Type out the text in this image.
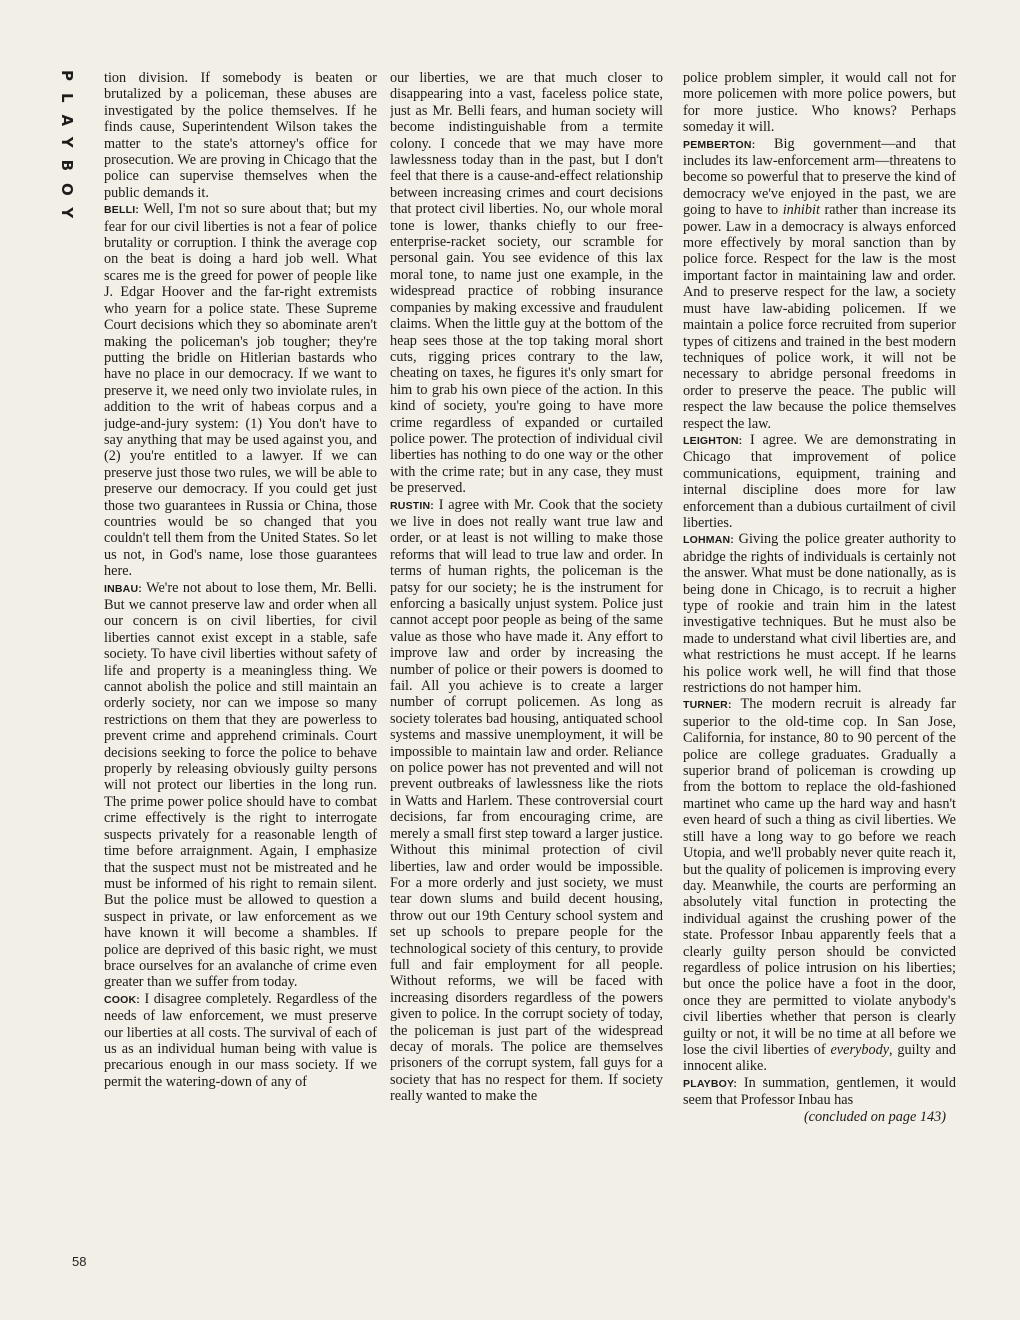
PLAYBOY tion division. If somebody is beaten or brutalized by a policeman, these abuses are investigated by the police themselves. If he finds cause, Superintendent Wilson takes the matter to the state's attorney's office for prosecution. We are proving in Chicago that the police can supervise themselves when the public demands it.

BELLI: Well, I'm not so sure about that; but my fear for our civil liberties is not a fear of police brutality or corruption. I think the average cop on the beat is doing a hard job well. What scares me is the greed for power of people like J. Edgar Hoover and the far-right extremists who yearn for a police state. These Supreme Court decisions which they so abominate aren't making the policeman's job tougher; they're putting the bridle on Hitlerian bastards who have no place in our democracy. If we want to preserve it, we need only two inviolate rules, in addition to the writ of habeas corpus and a judge-and-jury system: (1) You don't have to say anything that may be used against you, and (2) you're entitled to a lawyer. If we can preserve just those two rules, we will be able to preserve our democracy. If you could get just those two guarantees in Russia or China, those countries would be so changed that you couldn't tell them from the United States. So let us not, in God's name, lose those guarantees here.

INBAU: We're not about to lose them, Mr. Belli. But we cannot preserve law and order when all our concern is on civil liberties, for civil liberties cannot exist except in a stable, safe society. To have civil liberties without safety of life and property is a meaningless thing. We cannot abolish the police and still maintain an orderly society, nor can we impose so many restrictions on them that they are powerless to prevent crime and apprehend criminals. Court decisions seeking to force the police to behave properly by releasing obviously guilty persons will not protect our liberties in the long run. The prime power police should have to combat crime effectively is the right to interrogate suspects privately for a reasonable length of time before arraignment. Again, I emphasize that the suspect must not be mistreated and he must be informed of his right to remain silent. But the police must be allowed to question a suspect in private, or law enforcement as we have known it will become a shambles. If police are deprived of this basic right, we must brace ourselves for an avalanche of crime even greater than we suffer from today.

COOK: I disagree completely. Regardless of the needs of law enforcement, we must preserve our liberties at all costs. The survival of each of us as an individual human being with value is precarious enough in our mass society. If we permit the watering-down of any of

our liberties, we are that much closer to disappearing into a vast, faceless police state, just as Mr. Belli fears, and human society will become indistinguishable from a termite colony. I concede that we may have more lawlessness today than in the past, but I don't feel that there is a cause-and-effect relationship between increasing crimes and court decisions that protect civil liberties. No, our whole moral tone is lower, thanks chiefly to our free-enterprise-racket society, our scramble for personal gain. You see evidence of this lax moral tone, to name just one example, in the widespread practice of robbing insurance companies by making excessive and fraudulent claims. When the little guy at the bottom of the heap sees those at the top taking moral short cuts, rigging prices contrary to the law, cheating on taxes, he figures it's only smart for him to grab his own piece of the action. In this kind of society, you're going to have more crime regardless of expanded or curtailed police power. The protection of individual civil liberties has nothing to do one way or the other with the crime rate; but in any case, they must be preserved.

RUSTIN: I agree with Mr. Cook that the society we live in does not really want true law and order, or at least is not willing to make those reforms that will lead to true law and order. In terms of human rights, the policeman is the patsy for our society; he is the instrument for enforcing a basically unjust system. Police just cannot accept poor people as being of the same value as those who have made it. Any effort to improve law and order by increasing the number of police or their powers is doomed to fail. All you achieve is to create a larger number of corrupt policemen. As long as society tolerates bad housing, antiquated school systems and massive unemployment, it will be impossible to maintain law and order. Reliance on police power has not prevented and will not prevent outbreaks of lawlessness like the riots in Watts and Harlem. These controversial court decisions, far from encouraging crime, are merely a small first step toward a larger justice. Without this minimal protection of civil liberties, law and order would be impossible. For a more orderly and just society, we must tear down slums and build decent housing, throw out our 19th Century school system and set up schools to prepare people for the technological society of this century, to provide full and fair employment for all people. Without reforms, we will be faced with increasing disorders regardless of the powers given to police. In the corrupt society of today, the policeman is just part of the widespread decay of morals. The police are themselves prisoners of the corrupt system, fall guys for a society that has no respect for them. If society really wanted to make the

police problem simpler, it would call not for more policemen with more police powers, but for more justice. Who knows? Perhaps someday it will.

PEMBERTON: Big government—and that includes its law-enforcement arm—threatens to become so powerful that to preserve the kind of democracy we've enjoyed in the past, we are going to have to inhibit rather than increase its power. Law in a democracy is always enforced more effectively by moral sanction than by police force. Respect for the law is the most important factor in maintaining law and order. And to preserve respect for the law, a society must have law-abiding policemen. If we maintain a police force recruited from superior types of citizens and trained in the best modern techniques of police work, it will not be necessary to abridge personal freedoms in order to preserve the peace. The public will respect the law because the police themselves respect the law.

LEIGHTON: I agree. We are demonstrating in Chicago that improvement of police communications, equipment, training and internal discipline does more for law enforcement than a dubious curtailment of civil liberties.

LOHMAN: Giving the police greater authority to abridge the rights of individuals is certainly not the answer. What must be done nationally, as is being done in Chicago, is to recruit a higher type of rookie and train him in the latest investigative techniques. But he must also be made to understand what civil liberties are, and what restrictions he must accept. If he learns his police work well, he will find that those restrictions do not hamper him.

TURNER: The modern recruit is already far superior to the old-time cop. In San Jose, California, for instance, 80 to 90 percent of the police are college graduates. Gradually a superior brand of policeman is crowding up from the bottom to replace the old-fashioned martinet who came up the hard way and hasn't even heard of such a thing as civil liberties. We still have a long way to go before we reach Utopia, and we'll probably never quite reach it, but the quality of policemen is improving every day. Meanwhile, the courts are performing an absolutely vital function in protecting the individual against the crushing power of the state. Professor Inbau apparently feels that a clearly guilty person should be convicted regardless of police intrusion on his liberties; but once the police have a foot in the door, once they are permitted to violate anybody's civil liberties whether that person is clearly guilty or not, it will be no time at all before we lose the civil liberties of everybody, guilty and innocent alike.

PLAYBOY: In summation, gentlemen, it would seem that Professor Inbau has

(concluded on page 143)

58
